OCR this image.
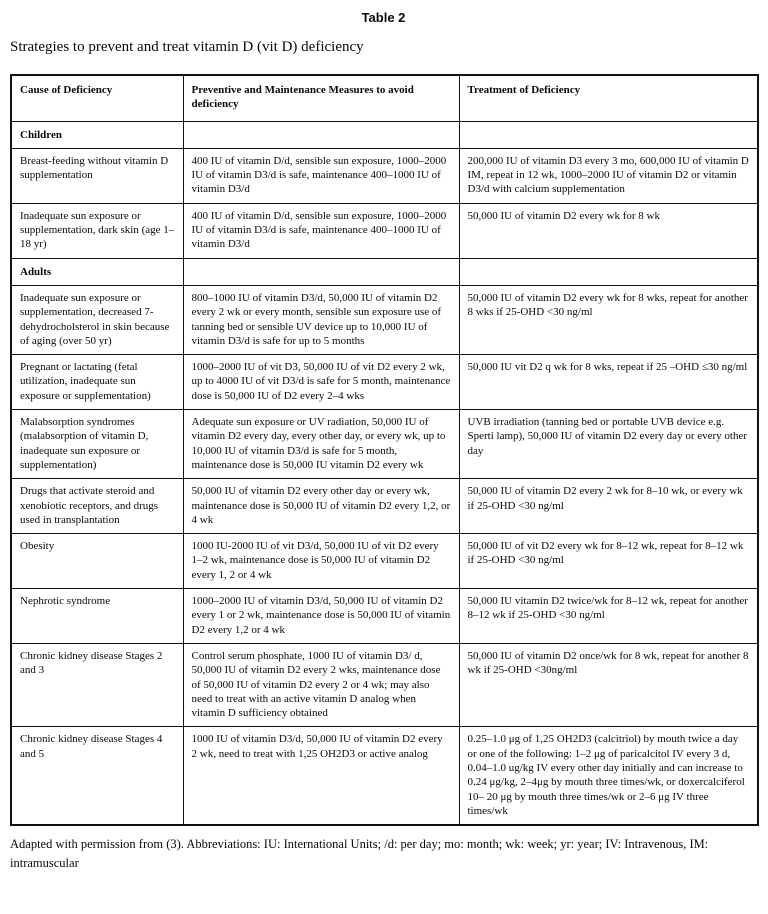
Table 2
Strategies to prevent and treat vitamin D (vit D) deficiency
Cause of Deficiency	Preventive and Maintenance Measures to avoid deficiency	Treatment of Deficiency
Children		
Breast-feeding without vitamin D supplementation	400 IU of vitamin D/d, sensible sun exposure, 1000–2000 IU of vitamin D3/d is safe, maintenance 400–1000 IU of vitamin D3/d	200,000 IU of vitamin D3 every 3 mo, 600,000 IU of vitamin D IM, repeat in 12 wk, 1000–2000 IU of vitamin D2 or vitamin D3/d with calcium supplementation
Inadequate sun exposure or supplementation, dark skin (age 1– 18 yr)	400 IU of vitamin D/d, sensible sun exposure, 1000–2000 IU of vitamin D3/d is safe, maintenance 400–1000 IU of vitamin D3/d	50,000 IU of vitamin D2 every wk for 8 wk
Adults		
Inadequate sun exposure or supplementation, decreased 7-dehydrocholsterol in skin because of aging (over 50 yr)	800–1000 IU of vitamin D3/d, 50,000 IU of vitamin D2 every 2 wk or every month, sensible sun exposure use of tanning bed or sensible UV device up to 10,000 IU of vitamin D3/d is safe for up to 5 months	50,000 IU of vitamin D2 every wk for 8 wks, repeat for another 8 wks if 25-OHD <30 ng/ml
Pregnant or lactating (fetal utilization, inadequate sun exposure or supplementation)	1000–2000 IU of vit D3, 50,000 IU of vit D2 every 2 wk, up to 4000 IU of vit D3/d is safe for 5 month, maintenance dose is 50,000 IU of D2 every 2–4 wks	50,000 IU vit D2 q wk for 8 wks, repeat if 25 –OHD ≤30 ng/ml
Malabsorption syndromes (malabsorption of vitamin D, inadequate sun exposure or supplementation)	Adequate sun exposure or UV radiation, 50,000 IU of vitamin D2 every day, every other day, or every wk, up to 10,000 IU of vitamin D3/d is safe for 5 month, maintenance dose is 50,000 IU vitamin D2 every wk	UVB irradiation (tanning bed or portable UVB device e.g. Sperti lamp), 50,000 IU of vitamin D2 every day or every other day
Drugs that activate steroid and xenobiotic receptors, and drugs used in transplantation	50,000 IU of vitamin D2 every other day or every wk, maintenance dose is 50,000 IU of vitamin D2 every 1,2, or 4 wk	50,000 IU of vitamin D2 every 2 wk for 8–10 wk, or every wk if 25-OHD <30 ng/ml
Obesity	1000 IU-2000 IU of vit D3/d, 50,000 IU of vit D2 every 1–2 wk, maintenance dose is 50,000 IU of vitamin D2 every 1, 2 or 4 wk	50,000 IU of vit D2 every wk for 8–12 wk, repeat for 8–12 wk if 25-OHD <30 ng/ml
Nephrotic syndrome	1000–2000 IU of vitamin D3/d, 50,000 IU of vitamin D2 every 1 or 2 wk, maintenance dose is 50,000 IU of vitamin D2 every 1,2 or 4 wk	50,000 IU vitamin D2 twice/wk for 8–12 wk, repeat for another 8–12 wk if 25-OHD <30 ng/ml
Chronic kidney disease Stages 2 and 3	Control serum phosphate, 1000 IU of vitamin D3/ d, 50,000 IU of vitamin D2 every 2 wks, maintenance dose of 50,000 IU of vitamin D2 every 2 or 4 wk; may also need to treat with an active vitamin D analog when vitamin D sufficiency obtained	50,000 IU of vitamin D2 once/wk for 8 wk, repeat for another 8 wk if 25-OHD <30ng/ml
Chronic kidney disease Stages 4 and 5	1000 IU of vitamin D3/d, 50,000 IU of vitamin D2 every 2 wk, need to treat with 1,25 OH2D3 or active analog	0.25–1.0 μg of 1,25 OH2D3 (calcitriol) by mouth twice a day or one of the following: 1–2 μg of paricalcitol IV every 3 d, 0.04–1.0 ug/kg IV every other day initially and can increase to 0.24 μg/kg, 2–4μg by mouth three times/wk, or doxercalciferol 10– 20 μg by mouth three times/wk or 2–6 μg IV three times/wk
Adapted with permission from (3). Abbreviations: IU: International Units; /d: per day; mo: month; wk: week; yr: year; IV: Intravenous, IM: intramuscular
